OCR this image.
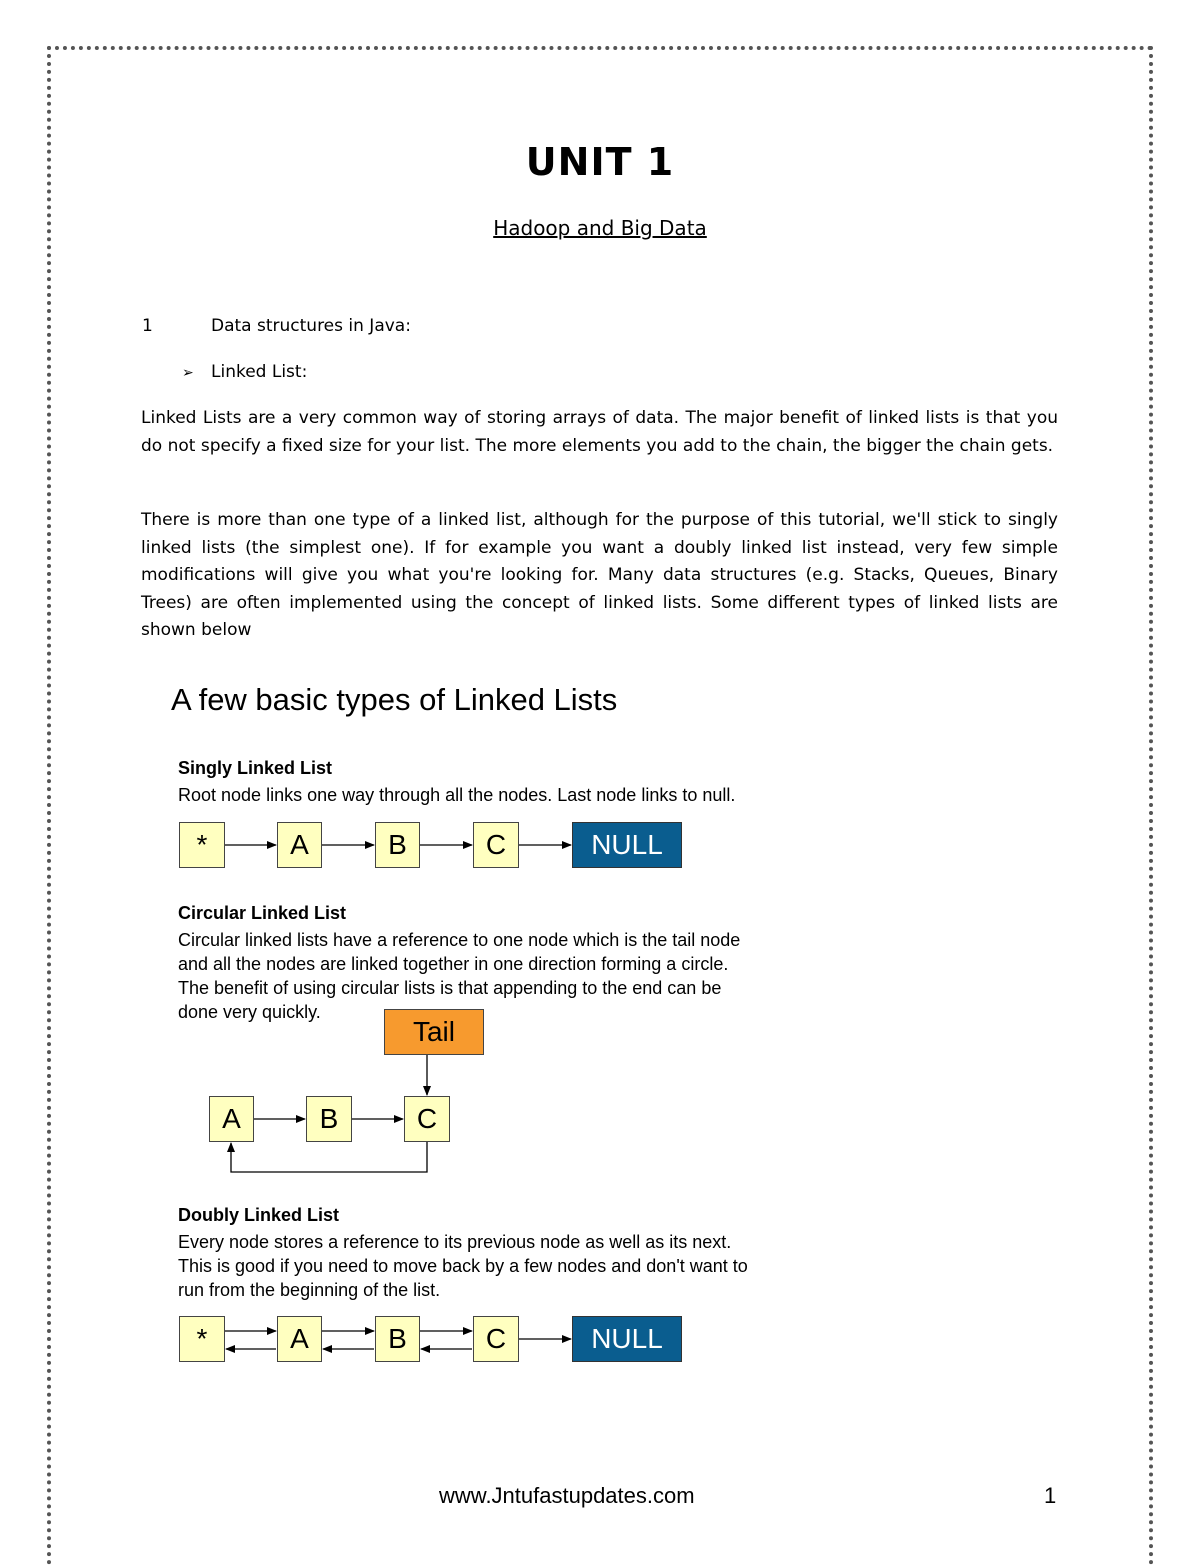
UNIT 1
Hadoop and Big Data
1	Data structures in Java:
➢ Linked List:

Linked Lists are a very common way of storing arrays of data. The major benefit of linked lists is that you do not specify a fixed size for your list. The more elements you add to the chain, the bigger the chain gets.

There is more than one type of a linked list, although for the purpose of this tutorial, we'll stick to singly linked lists (the simplest one). If for example you want a doubly linked list instead, very few simple modifications will give you what you're looking for. Many data structures (e.g. Stacks, Queues, Binary Trees) are often implemented using the concept of linked lists. Some different types of linked lists are shown below

A few basic types of Linked Lists
Singly Linked List
Root node links one way through all the nodes. Last node links to null.
*	A	B	C	NULL
Circular Linked List
Circular linked lists have a reference to one node which is the tail node
and all the nodes are linked together in one direction forming a circle.
The benefit of using circular lists is that appending to the end can be
done very quickly.
Tail
A	B	C
Doubly Linked List
Every node stores a reference to its previous node as well as its next.
This is good if you need to move back by a few nodes and don't want to
run from the beginning of the list.
*	A	B	C	NULL
www.Jntufastupdates.com	1
